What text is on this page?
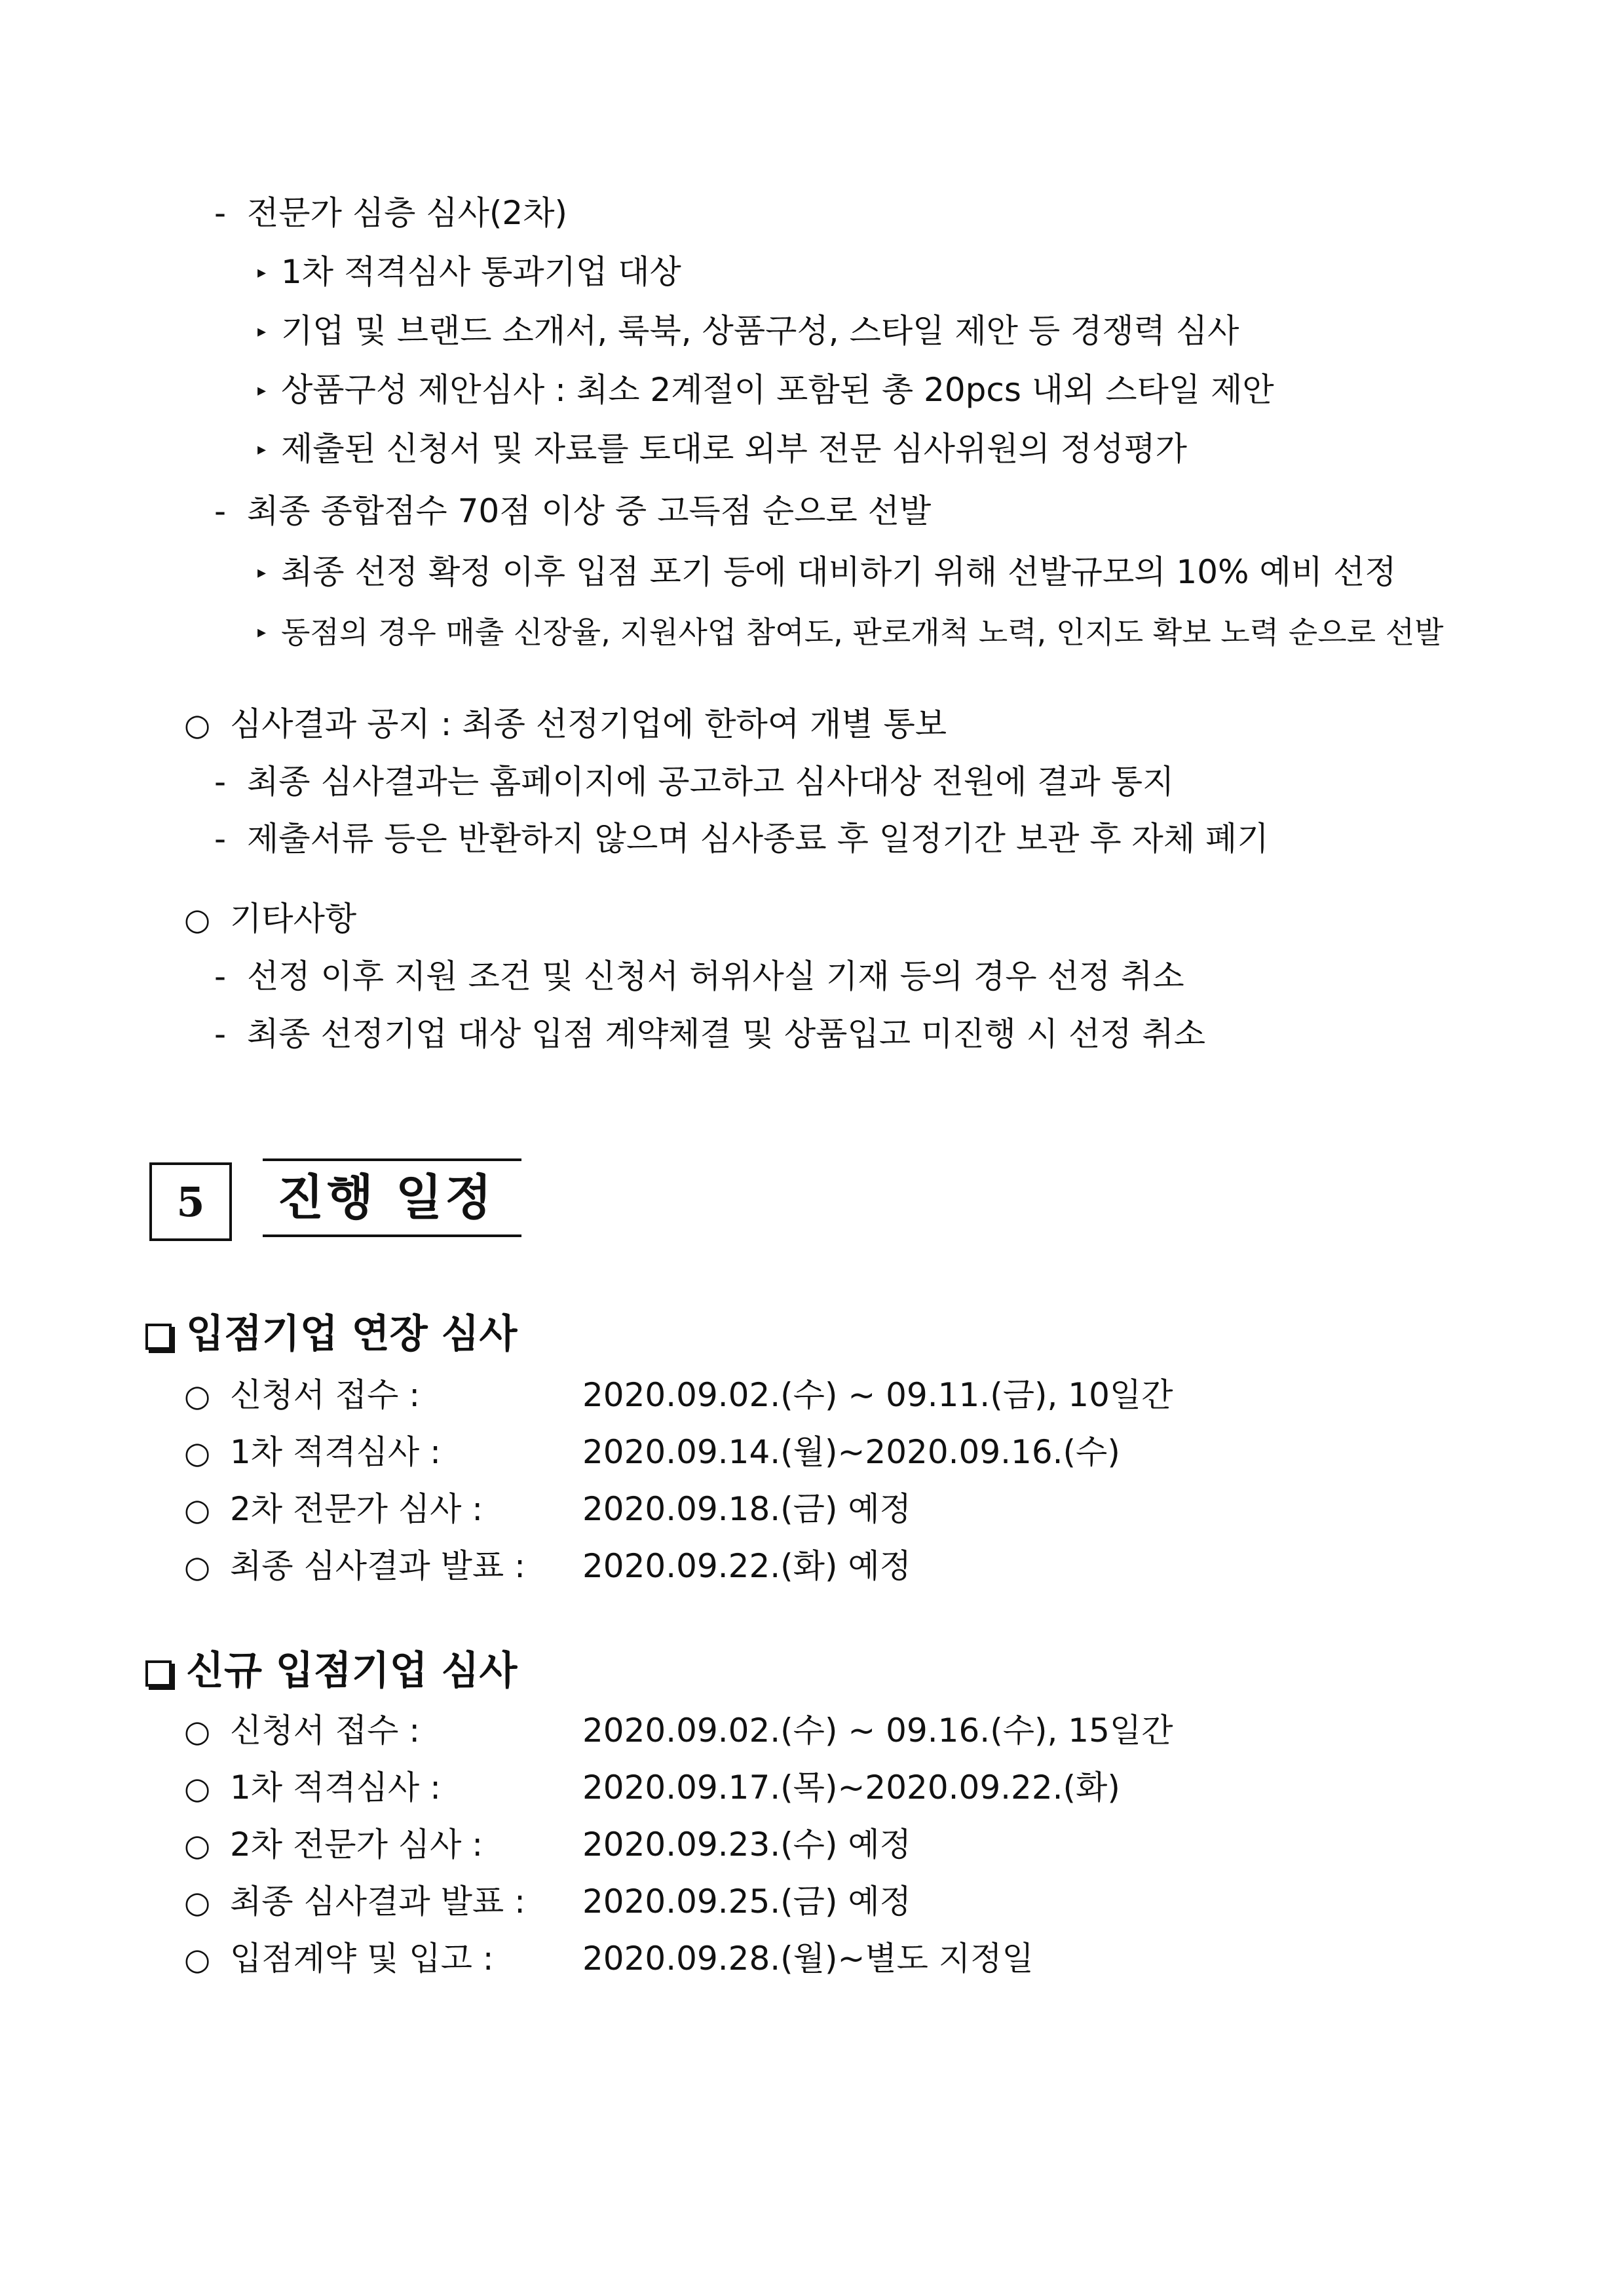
- 전문가 심층 심사(2차)
▸ 1차 적격심사 통과기업 대상
▸ 기업 및 브랜드 소개서, 룩북, 상품구성, 스타일 제안 등 경쟁력 심사
▸ 상품구성 제안심사 : 최소 2계절이 포함된 총 20pcs 내외 스타일 제안
▸ 제출된 신청서 및 자료를 토대로 외부 전문 심사위원의 정성평가
- 최종 종합점수 70점 이상 중 고득점 순으로 선발
▸ 최종 선정 확정 이후 입점 포기 등에 대비하기 위해 선발규모의 10% 예비 선정
▸ 동점의 경우 매출 신장율, 지원사업 참여도, 판로개척 노력, 인지도 확보 노력 순으로 선발
○ 심사결과 공지 : 최종 선정기업에 한하여 개별 통보
- 최종 심사결과는 홈페이지에 공고하고 심사대상 전원에 결과 통지
- 제출서류 등은 반환하지 않으며 심사종료 후 일정기간 보관 후 자체 폐기
○ 기타사항
- 선정 이후 지원 조건 및 신청서 허위사실 기재 등의 경우 선정 취소
- 최종 선정기업 대상 입점 계약체결 및 상품입고 미진행 시 선정 취소
5	진행 일정
입점기업 연장 심사
○ 신청서 접수 :	2020.09.02.(수) ~ 09.11.(금), 10일간
○ 1차 적격심사 :	2020.09.14.(월)~2020.09.16.(수)
○ 2차 전문가 심사 :	2020.09.18.(금) 예정
○ 최종 심사결과 발표 : 2020.09.22.(화) 예정
신규 입점기업 심사
○ 신청서 접수 :	2020.09.02.(수) ~ 09.16.(수), 15일간
○ 1차 적격심사 :	2020.09.17.(목)~2020.09.22.(화)
○ 2차 전문가 심사 :	2020.09.23.(수) 예정
○ 최종 심사결과 발표 : 2020.09.25.(금) 예정
○ 입점계약 및 입고 :	2020.09.28.(월)~별도 지정일
